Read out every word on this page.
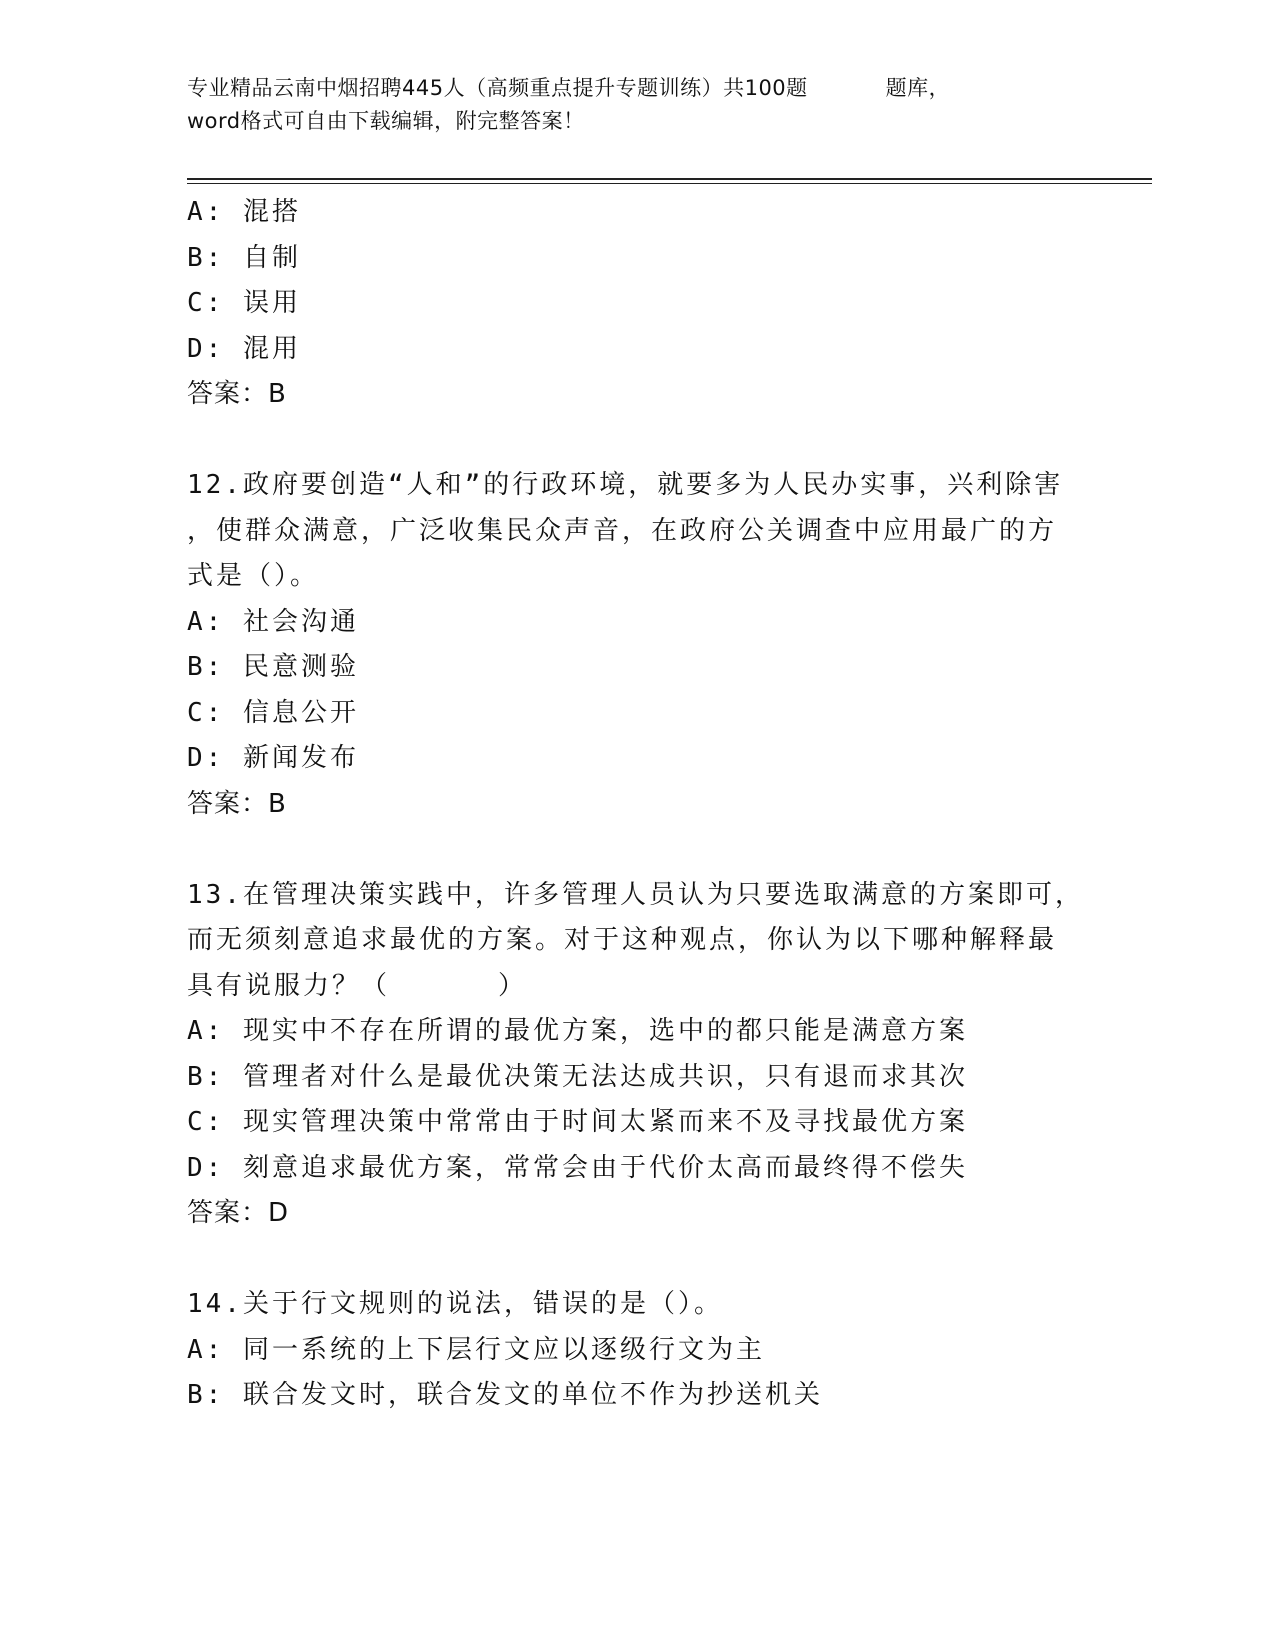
专业精品云南中烟招聘445人（高频重点提升专题训练）共100题	题库，
word格式可自由下载编辑，附完整答案！
A: 混搭
B: 自制
C: 误用
D: 混用
答案：B
12.政府要创造“人和”的行政环境，就要多为人民办实事，兴利除害
，使群众满意，广泛收集民众声音，在政府公关调查中应用最广的方
式是（）。
A: 社会沟通
B: 民意测验
C: 信息公开
D: 新闻发布
答案：B
13.在管理决策实践中，许多管理人员认为只要选取满意的方案即可，
而无须刻意追求最优的方案。对于这种观点，你认为以下哪种解释最
具有说服力？（	）
A: 现实中不存在所谓的最优方案，选中的都只能是满意方案
B: 管理者对什么是最优决策无法达成共识，只有退而求其次
C: 现实管理决策中常常由于时间太紧而来不及寻找最优方案
D: 刻意追求最优方案，常常会由于代价太高而最终得不偿失
答案：D
14.关于行文规则的说法，错误的是（）。
A: 同一系统的上下层行文应以逐级行文为主
B: 联合发文时，联合发文的单位不作为抄送机关
